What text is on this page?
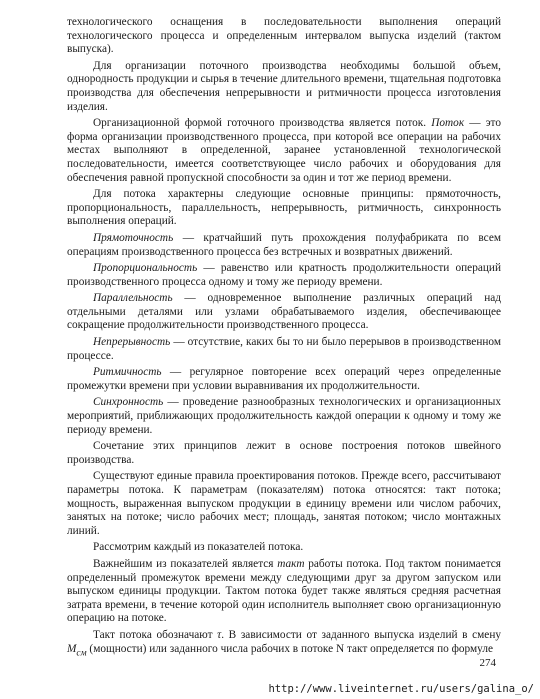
технологического оснащения в последовательности выполнения операций технологического процесса и определенным интервалом выпуска изделий (тактом выпуска).

Для организации поточного производства необходимы большой объем, однородность продукции и сырья в течение длительного времени, тщательная подготовка производства для обеспечения непрерывности и ритмичности процесса изготовления изделия.

Организационной формой готочного производства является поток. Поток — это форма организации производственного процесса, при которой все операции на рабочих местах выполняют в определенной, заранее установленной технологической последовательности, имеется соответствующее число рабочих и оборудования для обеспечения равной пропускной способности за один и тот же период времени.

Для потока характерны следующие основные принципы: прямоточность, пропорциональность, параллельность, непрерывность, ритмичность, синхронность выполнения операций.

Прямоточность — кратчайший путь прохождения полуфабриката по всем операциям производственного процесса без встречных и возвратных движений.

Пропорциональность — равенство или кратность продолжительности операций производственного процесса одному и тому же периоду времени.

Параллельность — одновременное выполнение различных операций над отдельными деталями или узлами обрабатываемого изделия, обеспечивающее сокращение продолжительности производственного процесса.

Непрерывность — отсутствие, каких бы то ни было перерывов в производственном процессе.

Ритмичность — регулярное повторение всех операций через определенные промежутки времени при условии выравнивания их продолжительности.

Синхронность — проведение разнообразных технологических и организационных мероприятий, приближающих продолжительность каждой операции к одному и тому же периоду времени.

Сочетание этих принципов лежит в основе построения потоков швейного производства.

Существуют единые правила проектирования потоков. Прежде всего, рассчитывают параметры потока. К параметрам (показателям) потока относятся: такт потока; мощность, выраженная выпуском продукции в единицу времени или числом рабочих, занятых на потоке; число рабочих мест; площадь, занятая потоком; число монтажных линий.

Рассмотрим каждый из показателей потока.

Важнейшим из показателей является такт работы потока. Под тактом понимается определенный промежуток времени между следующими друг за другом запуском или выпуском единицы продукции. Тактом потока будет также являться средняя расчетная затрата времени, в течение которой один исполнитель выполняет свою организационную операцию на потоке.

Такт потока обозначают τ. В зависимости от заданного выпуска изделий в смену $М_{см}$ (мощности) или заданного числа рабочих в потоке N такт определяется по формуле

274
http://www.liveinternet.ru/users/galina_o/
